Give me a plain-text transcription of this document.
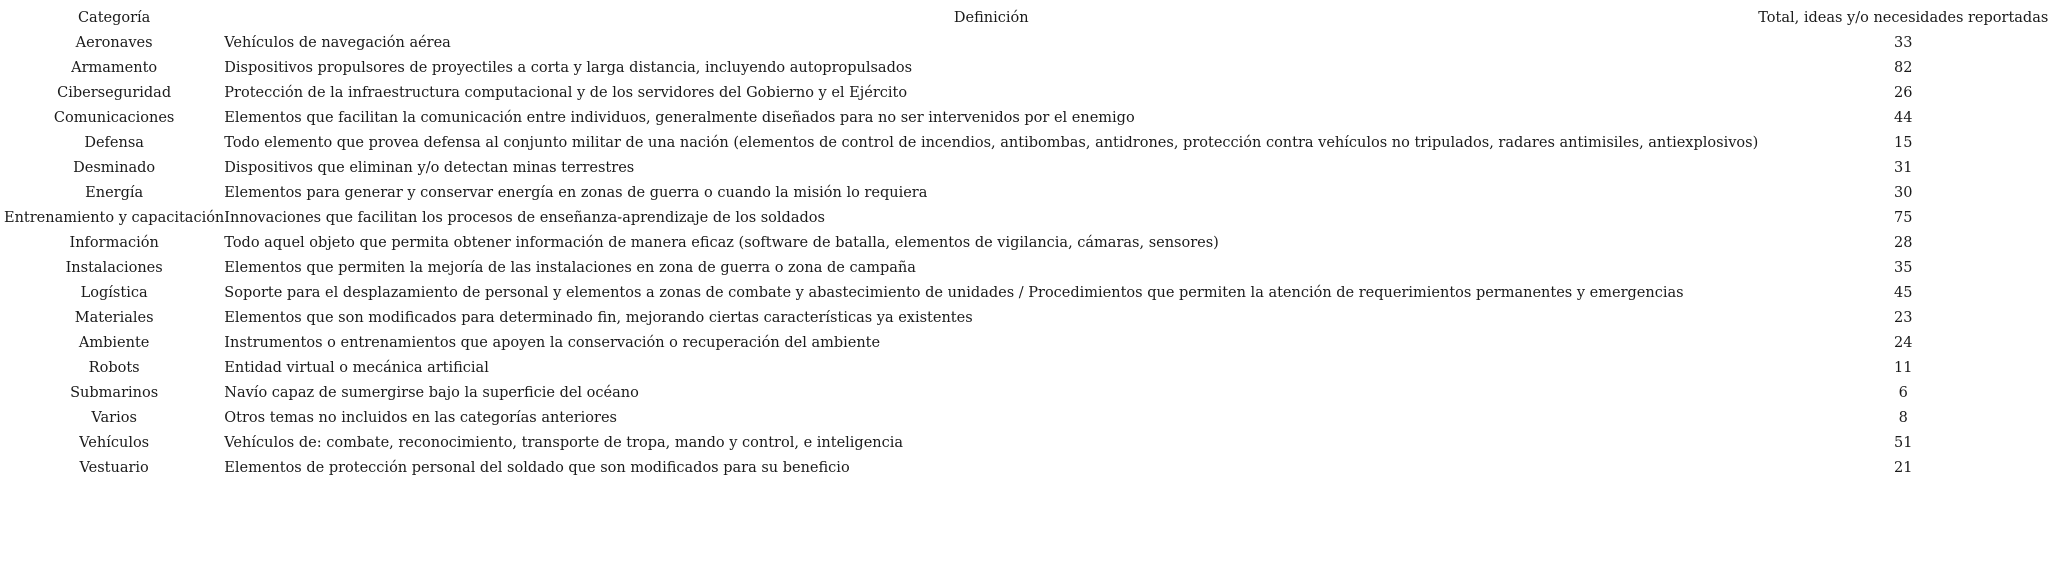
Categoría	Definición	Total, ideas y/o necesidades reportadas
Aeronaves	Vehículos de navegación aérea	33
Armamento	Dispositivos propulsores de proyectiles a corta y larga distancia, incluyendo autopropulsados	82
Ciberseguridad	Protección de la infraestructura computacional y de los servidores del Gobierno y el Ejército	26
Comunicaciones	Elementos que facilitan la comunicación entre individuos, generalmente diseñados para no ser intervenidos por el enemigo	44
Defensa	Todo elemento que provea defensa al conjunto militar de una nación (elementos de control de incendios, antibombas, antidrones, protección contra vehículos no tripulados, radares antimisiles, antiexplosivos)	15
Desminado	Dispositivos que eliminan y/o detectan minas terrestres	31
Energía	Elementos para generar y conservar energía en zonas de guerra o cuando la misión lo requiera	30
Entrenamiento y capacitación	Innovaciones que facilitan los procesos de enseñanza-aprendizaje de los soldados	75
Información	Todo aquel objeto que permita obtener información de manera eficaz (software de batalla, elementos de vigilancia, cámaras, sensores)	28
Instalaciones	Elementos que permiten la mejoría de las instalaciones en zona de guerra o zona de campaña	35
Logística	Soporte para el desplazamiento de personal y elementos a zonas de combate y abastecimiento de unidades / Procedimientos que permiten la atención de requerimientos permanentes y emergencias	45
Materiales	Elementos que son modificados para determinado fin, mejorando ciertas características ya existentes	23
Ambiente	Instrumentos o entrenamientos que apoyen la conservación o recuperación del ambiente	24
Robots	Entidad virtual o mecánica artificial	11
Submarinos	Navío capaz de sumergirse bajo la superficie del océano	6
Varios	Otros temas no incluidos en las categorías anteriores	8
Vehículos	Vehículos de: combate, reconocimiento, transporte de tropa, mando y control, e inteligencia	51
Vestuario	Elementos de protección personal del soldado que son modificados para su beneficio	21
